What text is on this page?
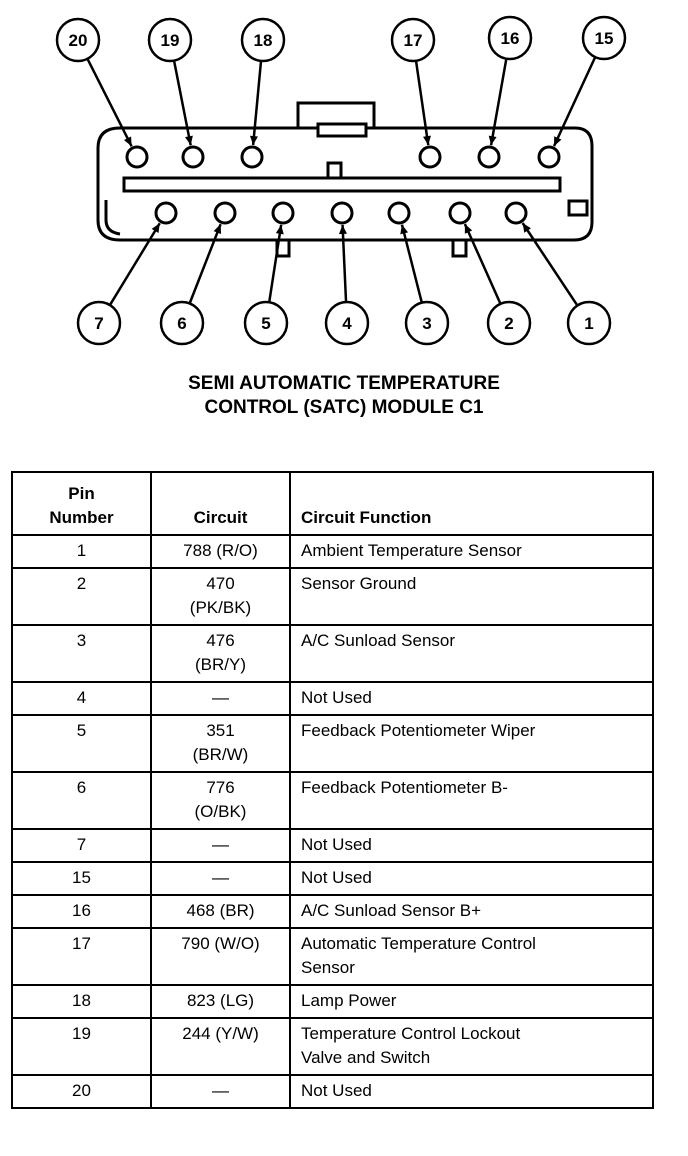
20	19	18	17	16	15
7	6	5	4	3	2	1
SEMI AUTOMATIC TEMPERATURE
CONTROL (SATC) MODULE C1
Pin
Number	Circuit	Circuit Function
1	788 (R/O)	Ambient Temperature Sensor

2	470
(PK/BK)	Sensor Ground

3	476
(BR/Y)	A/C Sunload Sensor

4	—	Not Used

5	351
(BR/W)	Feedback Potentiometer Wiper

6	776
(O/BK)	Feedback Potentiometer B-

7	—	Not Used

15	—	Not Used

16	468 (BR)	A/C Sunload Sensor B+

17	790 (W/O)	Automatic Temperature Control
Sensor

18	823 (LG)	Lamp Power

19	244 (Y/W)	Temperature Control Lockout
Valve and Switch

20	—	Not Used
